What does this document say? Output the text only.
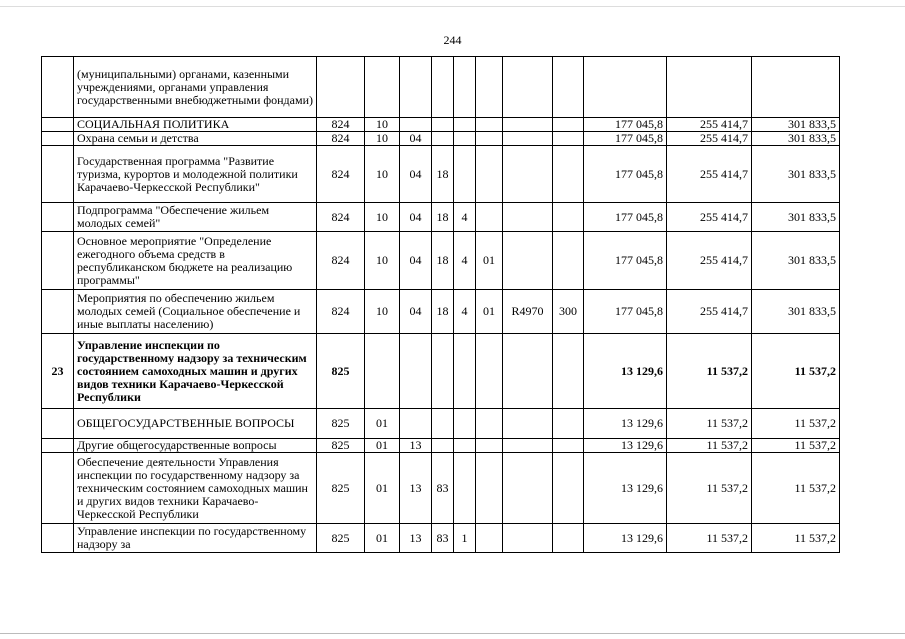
244
	(муниципальными) органами, казенными учреждениями, органами управления государственными внебюджетными фондами)											
	СОЦИАЛЬНАЯ ПОЛИТИКА	824	10							177 045,8	255 414,7	301 833,5
	Охрана семьи и детства	824	10	04						177 045,8	255 414,7	301 833,5
	Государственная программа "Развитие туризма, курортов и молодежной политики Карачаево-Черкесской Республики"	824	10	04	18					177 045,8	255 414,7	301 833,5
	Подпрограмма "Обеспечение жильем молодых семей"	824	10	04	18	4				177 045,8	255 414,7	301 833,5
	Основное мероприятие "Определение ежегодного объема средств в республиканском бюджете на реализацию программы"	824	10	04	18	4	01			177 045,8	255 414,7	301 833,5
	Мероприятия по обеспечению жильем молодых семей (Социальное обеспечение и иные выплаты населению)	824	10	04	18	4	01	R4970	300	177 045,8	255 414,7	301 833,5
23	Управление инспекции по государственному надзору за техническим состоянием самоходных машин и других видов техники Карачаево-Черкесской Республики	825								13 129,6	11 537,2	11 537,2
	ОБЩЕГОСУДАРСТВЕННЫЕ ВОПРОСЫ	825	01							13 129,6	11 537,2	11 537,2
	Другие общегосударственные вопросы	825	01	13						13 129,6	11 537,2	11 537,2
	Обеспечение деятельности Управления инспекции по государственному надзору за техническим состоянием самоходных машин и других видов техники Карачаево-Черкесской Республики	825	01	13	83					13 129,6	11 537,2	11 537,2
	Управление инспекции по государственному надзору за	825	01	13	83	1				13 129,6	11 537,2	11 537,2
